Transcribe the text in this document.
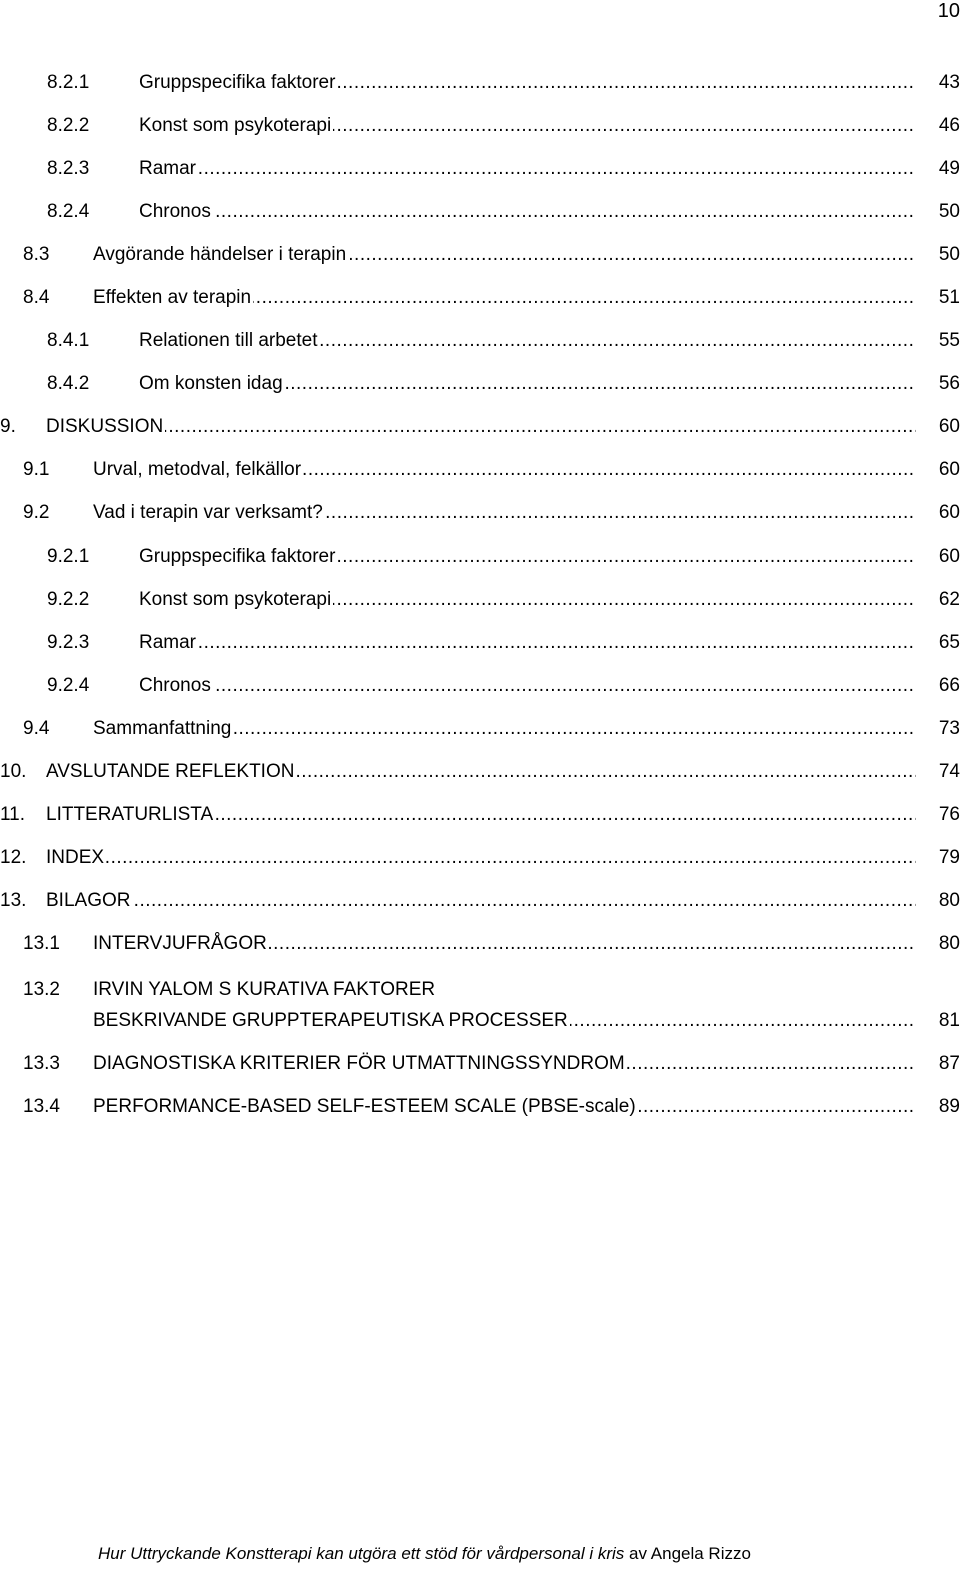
10
8.2.1 .....	Gruppspecifika faktorer	43
8.2.2 .....	Konst som psykoterapi	46
8.2.3 .....	Ramar	49
8.2.4 .....	Chronos	50
8.3 ..... Avgörande händelser i terapin	50
8.4 ..... Effekten av terapin	51
8.4.1 .....	Relationen till arbetet	55
8.4.2 .....	Om konsten idag	56
9. ..... DISKUSSION	60
9.1 ..... Urval, metodval, felkällor	60
9.2 ..... Vad i terapin var verksamt?	60
9.2.1 .....	Gruppspecifika faktorer	60
9.2.2 .....	Konst som psykoterapi	62
9.2.3 .....	Ramar	65
9.2.4 .....	Chronos	66
9.4 ..... Sammanfattning	73
10. ..... AVSLUTANDE REFLEKTION	74
11. ..... LITTERATURLISTA	76
12. ..... INDEX	79
13. ..... BILAGOR	80
13.1 ..... INTERVJUFRÅGOR	80
13.2 IRVIN YALOM S KURATIVA FAKTORER
.....
BESKRIVANDE GRUPPTERAPEUTISKA PROCESSER	81
13.3 ..... DIAGNOSTISKA KRITERIER FÖR UTMATTNINGSSYNDROM	87
13.4 ..... PERFORMANCE-BASED SELF-ESTEEM SCALE (PBSE-scale)	89
Hur Uttryckande Konstterapi kan utgöra ett stöd för vårdpersonal i kris av Angela Rizzo
